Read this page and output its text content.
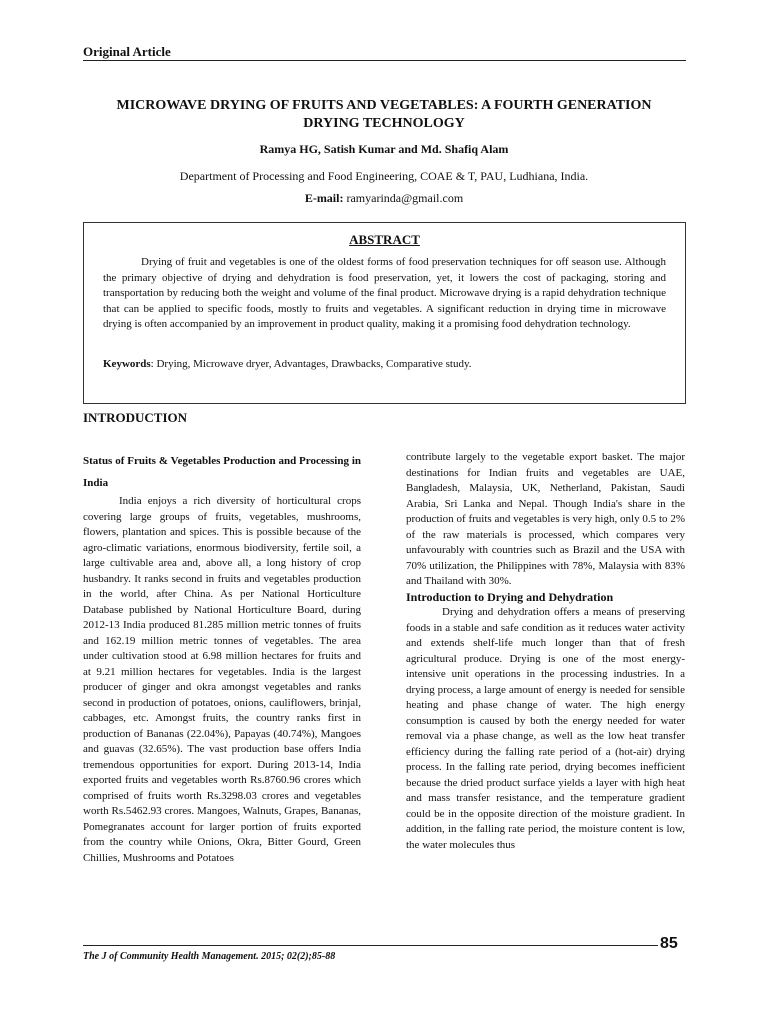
Original Article
MICROWAVE DRYING OF FRUITS AND VEGETABLES: A FOURTH GENERATION DRYING TECHNOLOGY
Ramya HG, Satish Kumar and Md. Shafiq Alam
Department of Processing and Food Engineering, COAE & T, PAU, Ludhiana, India.
E-mail: ramyarinda@gmail.com
ABSTRACT
Drying of fruit and vegetables is one of the oldest forms of food preservation techniques for off season use. Although the primary objective of drying and dehydration is food preservation, yet, it lowers the cost of packaging, storing and transportation by reducing both the weight and volume of the final product. Microwave drying is a rapid dehydration technique that can be applied to specific foods, mostly to fruits and vegetables. A significant reduction in drying time in microwave drying is often accompanied by an improvement in product quality, making it a promising food dehydration technology.
Keywords: Drying, Microwave dryer, Advantages, Drawbacks, Comparative study.
INTRODUCTION

Status of Fruits & Vegetables Production and Processing in India

India enjoys a rich diversity of horticultural crops covering large groups of fruits, vegetables, mushrooms, flowers, plantation and spices. This is possible because of the agro-climatic variations, enormous biodiversity, fertile soil, a large cultivable area and, above all, a long history of crop husbandry. It ranks second in fruits and vegetables production in the world, after China. As per National Horticulture Database published by National Horticulture Board, during 2012-13 India produced 81.285 million metric tonnes of fruits and 162.19 million metric tonnes of vegetables. The area under cultivation stood at 6.98 million hectares for fruits and at 9.21 million hectares for vegetables. India is the largest producer of ginger and okra amongst vegetables and ranks second in production of potatoes, onions, cauliflowers, brinjal, cabbages, etc. Amongst fruits, the country ranks first in production of Bananas (22.04%), Papayas (40.74%), Mangoes and guavas (32.65%). The vast production base offers India tremendous opportunities for export. During 2013-14, India exported fruits and vegetables worth Rs.8760.96 crores which comprised of fruits worth Rs.3298.03 crores and vegetables worth Rs.5462.93 crores. Mangoes, Walnuts, Grapes, Bananas, Pomegranates account for larger portion of fruits exported from the country while Onions, Okra, Bitter Gourd, Green Chillies, Mushrooms and Potatoes

contribute largely to the vegetable export basket. The major destinations for Indian fruits and vegetables are UAE, Bangladesh, Malaysia, UK, Netherland, Pakistan, Saudi Arabia, Sri Lanka and Nepal. Though India's share in the production of fruits and vegetables is very high, only 0.5 to 2% of the raw materials is processed, which compares very unfavourably with countries such as Brazil and the USA with 70% utilization, the Philippines with 78%, Malaysia with 83% and Thailand with 30%.

Introduction to Drying and Dehydration

Drying and dehydration offers a means of preserving foods in a stable and safe condition as it reduces water activity and extends shelf-life much longer than that of fresh agricultural produce. Drying is one of the most energy-intensive unit operations in the processing industries. In a drying process, a large amount of energy is needed for sensible heating and phase change of water. The high energy consumption is caused by both the energy needed for water removal via a phase change, as well as the low heat transfer efficiency during the falling rate period of a (hot-air) drying process. In the falling rate period, drying becomes inefficient because the dried product surface yields a layer with high heat and mass transfer resistance, and the temperature gradient could be in the opposite direction of the moisture gradient. In addition, in the falling rate period, the moisture content is low, the water molecules thus

85
The J of Community Health Management. 2015; 02(2);85-88
